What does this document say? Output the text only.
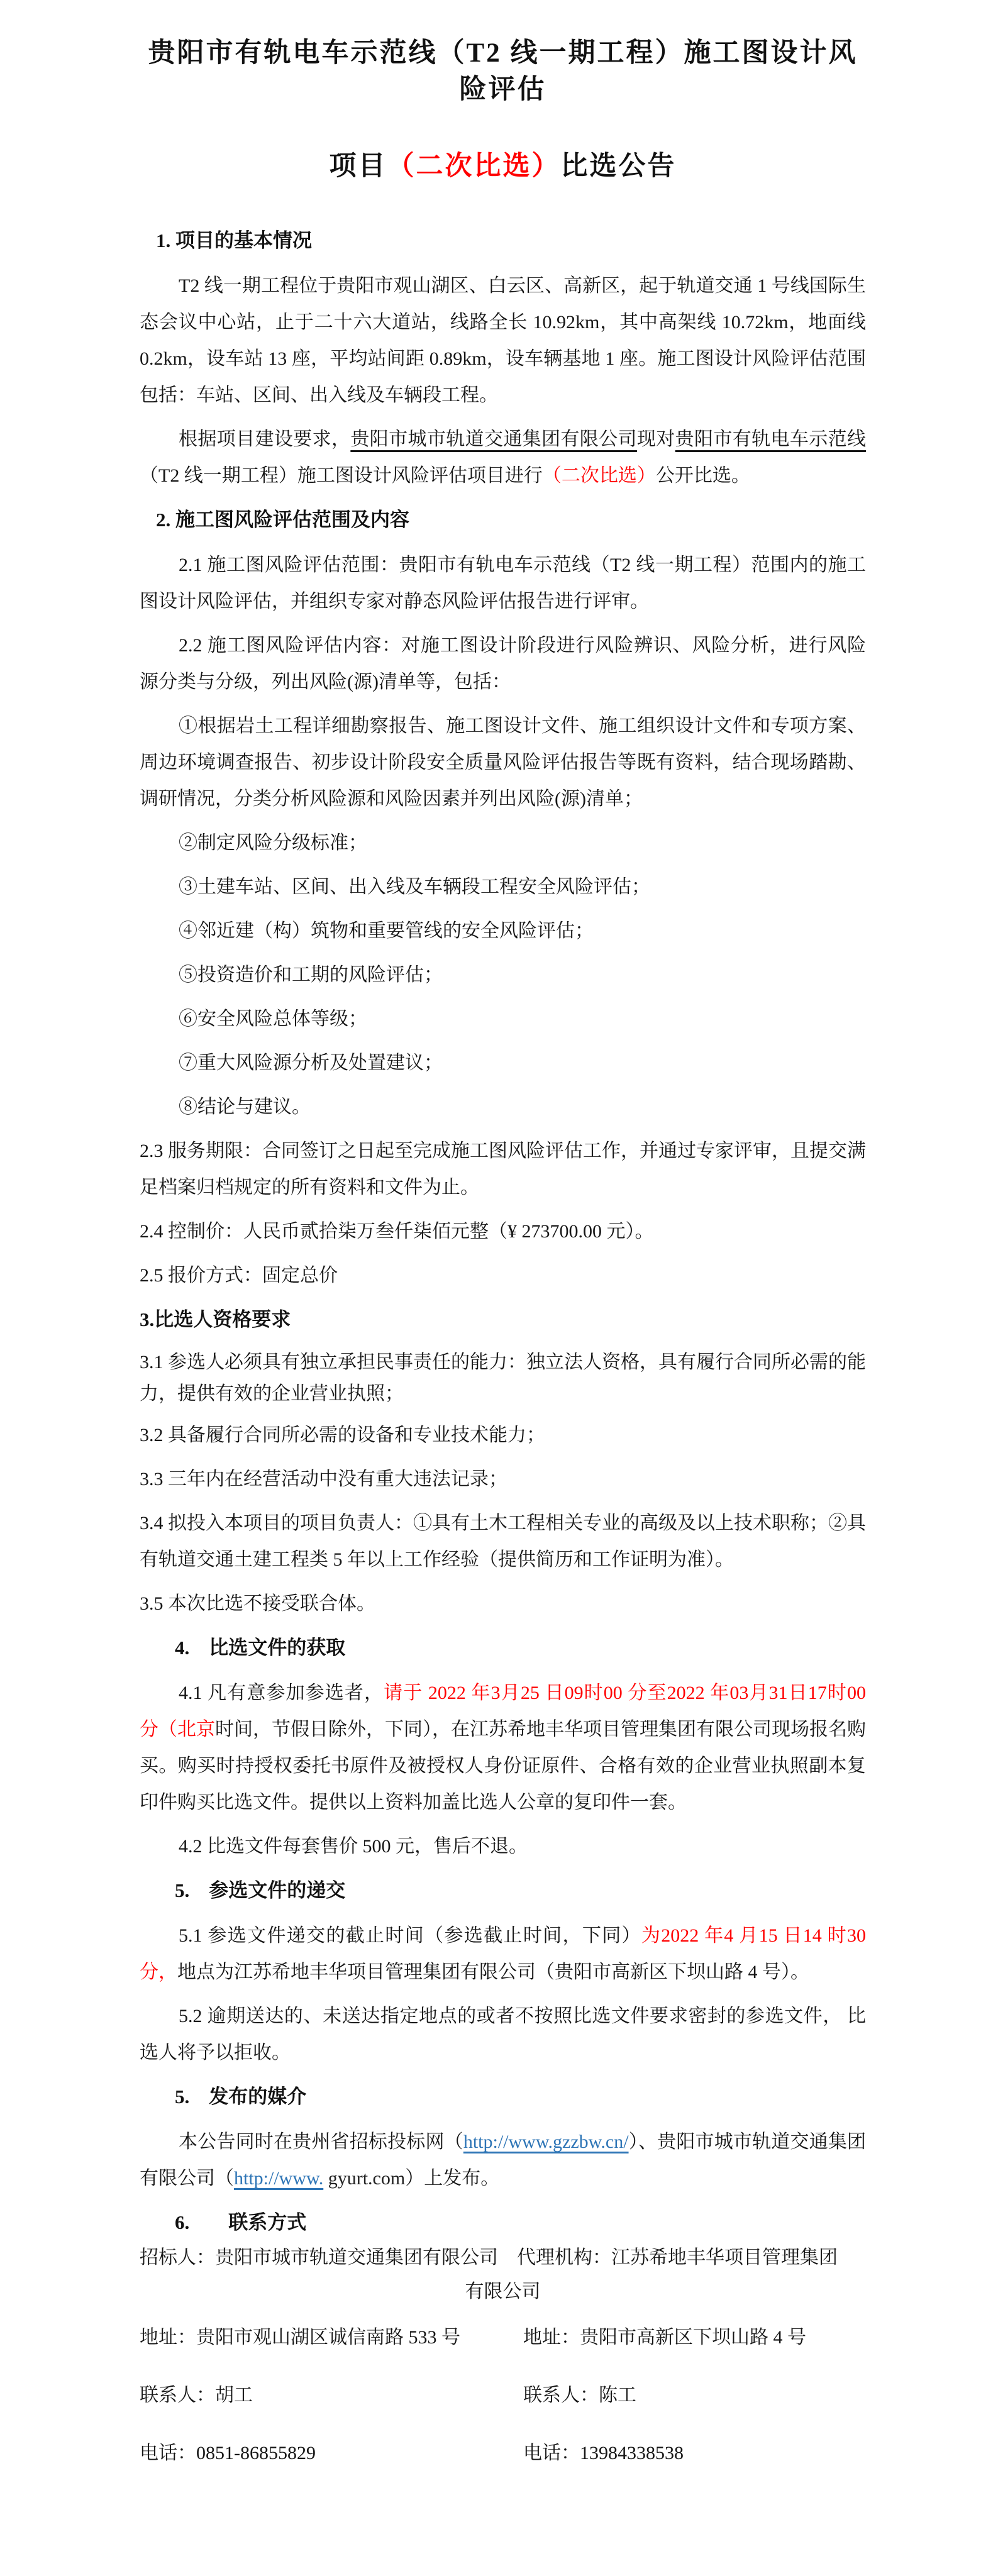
贵阳市有轨电车示范线（T2 线一期工程）施工图设计风险评估
项目（二次比选）比选公告
1. 项目的基本情况
T2 线一期工程位于贵阳市观山湖区、白云区、高新区，起于轨道交通 1 号线国际生态会议中心站，止于二十六大道站，线路全长 10.92km，其中高架线 10.72km，地面线0.2km，设车站 13 座，平均站间距 0.89km，设车辆基地 1 座。施工图设计风险评估范围包括：车站、区间、出入线及车辆段工程。
根据项目建设要求，贵阳市城市轨道交通集团有限公司现对贵阳市有轨电车示范线（T2 线一期工程）施工图设计风险评估项目进行（二次比选）公开比选。
2. 施工图风险评估范围及内容
2.1 施工图风险评估范围：贵阳市有轨电车示范线（T2 线一期工程）范围内的施工图设计风险评估，并组织专家对静态风险评估报告进行评审。
2.2 施工图风险评估内容：对施工图设计阶段进行风险辨识、风险分析，进行风险源分类与分级，列出风险(源)清单等，包括：
①根据岩土工程详细勘察报告、施工图设计文件、施工组织设计文件和专项方案、周边环境调查报告、初步设计阶段安全质量风险评估报告等既有资料，结合现场踏勘、调研情况，分类分析风险源和风险因素并列出风险(源)清单；
②制定风险分级标准；
③土建车站、区间、出入线及车辆段工程安全风险评估；
④邻近建（构）筑物和重要管线的安全风险评估；
⑤投资造价和工期的风险评估；
⑥安全风险总体等级；
⑦重大风险源分析及处置建议；
⑧结论与建议。
2.3 服务期限：合同签订之日起至完成施工图风险评估工作，并通过专家评审，且提交满足档案归档规定的所有资料和文件为止。
2.4 控制价：人民币贰拾柒万叁仟柒佰元整（¥ 273700.00 元）。
2.5 报价方式：固定总价
3.比选人资格要求
3.1 参选人必须具有独立承担民事责任的能力：独立法人资格，具有履行合同所必需的能力，提供有效的企业营业执照；
3.2 具备履行合同所必需的设备和专业技术能力；
3.3 三年内在经营活动中没有重大违法记录；
3.4 拟投入本项目的项目负责人：①具有土木工程相关专业的高级及以上技术职称；②具有轨道交通土建工程类 5 年以上工作经验（提供简历和工作证明为准）。
3.5 本次比选不接受联合体。
4.　比选文件的获取
4.1 凡有意参加参选者，请于 2022 年3月25 日09时00 分至2022 年03月31日17时00 分（北京时间，节假日除外，下同），在江苏希地丰华项目管理集团有限公司现场报名购买。购买时持授权委托书原件及被授权人身份证原件、合格有效的企业营业执照副本复印件购买比选文件。提供以上资料加盖比选人公章的复印件一套。
4.2 比选文件每套售价 500 元，售后不退。
5.　参选文件的递交
5.1 参选文件递交的截止时间（参选截止时间，下同）为2022 年4 月15 日14 时30 分，地点为江苏希地丰华项目管理集团有限公司（贵阳市高新区下坝山路 4 号）。
5.2 逾期送达的、未送达指定地点的或者不按照比选文件要求密封的参选文件， 比选人将予以拒收。
5.　发布的媒介
本公告同时在贵州省招标投标网（http://www.gzzbw.cn/）、贵阳市城市轨道交通集团有限公司（http://www. gyurt.com）上发布。
6.　　联系方式
招标人：贵阳市城市轨道交通集团有限公司　代理机构：江苏希地丰华项目管理集团
有限公司
地址：贵阳市观山湖区诚信南路 533 号	地址：贵阳市高新区下坝山路 4 号
联系人：胡工	联系人：陈工
电话：0851-86855829	电话：13984338538
